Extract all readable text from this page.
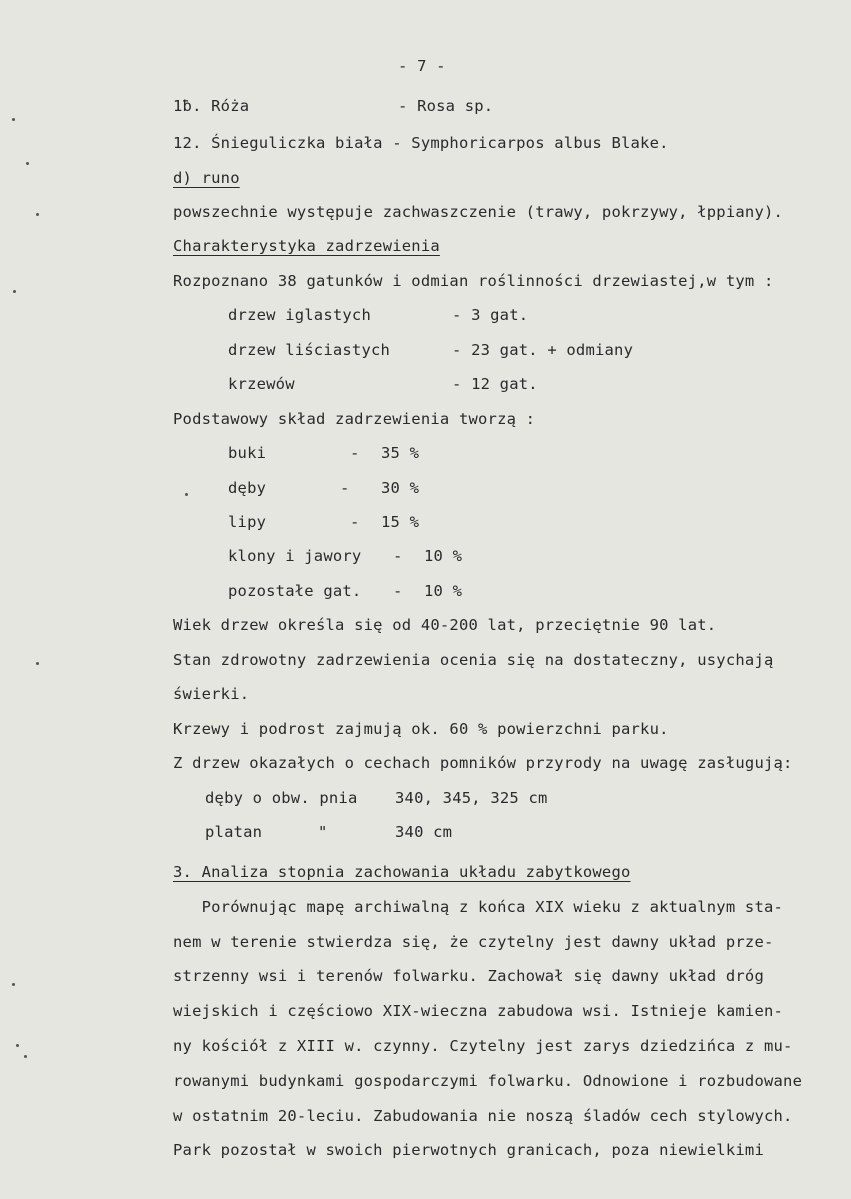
- 7 -
1ƀ. Róża	- Rosa sp.
12. Śnieguliczka biała - Symphoricarpos albus Blake.
d) runo
powszechnie występuje zachwaszczenie (trawy, pokrzywy, łppiany).
Charakterystyka zadrzewienia
Rozpoznano 38 gatunków i odmian roślinności drzewiastej,w tym :
drzew iglastych	- 3 gat.
drzew liściastych	- 23 gat. + odmiany
krzewów	- 12 gat.
Podstawowy skład zadrzewienia tworzą :
buki	- 35 %
dęby	- 30 %
lipy	- 15 %
klony i jawory - 10 %
pozostałe gat. - 10 %
Wiek drzew określa się od 40-200 lat, przeciętnie 90 lat.
Stan zdrowotny zadrzewienia ocenia się na dostateczny, usychają
świerki.
Krzewy i podrost zajmują ok. 60 % powierzchni parku.
Z drzew okazałych o cechach pomników przyrody na uwagę zasługują:
dęby o obw. pnia 340, 345, 325 cm
platan	"	340 cm
3. Analiza stopnia zachowania układu zabytkowego
Porównując mapę archiwalną z końca XIX wieku z aktualnym sta-
nem w terenie stwierdza się, że czytelny jest dawny układ prze-
strzenny wsi i terenów folwarku. Zachował się dawny układ dróg
wiejskich i częściowo XIX-wieczna zabudowa wsi. Istnieje kamien-
ny kościół z XIII w. czynny. Czytelny jest zarys dziedzińca z mu-
rowanymi budynkami gospodarczymi folwarku. Odnowione i rozbudowane
w ostatnim 20-leciu. Zabudowania nie noszą śladów cech stylowych.
Park pozostał w swoich pierwotnych granicach, poza niewielkimi
